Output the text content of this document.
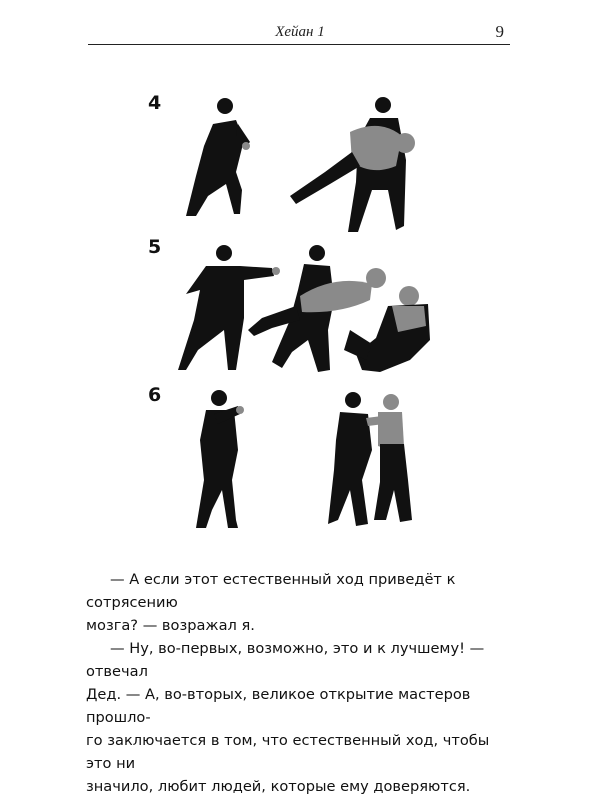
Хейан 1	9
4
5
6

— А если этот естественный ход приведёт к сотрясению

мозга? — возражал я.

— Ну, во-первых, возможно, это и к лучшему! — отвечал

Дед. — А, во-вторых, великое открытие мастеров прошло-
го заключается в том, что естественный ход, чтобы это ни
значило, любит людей, которые ему доверяются.
